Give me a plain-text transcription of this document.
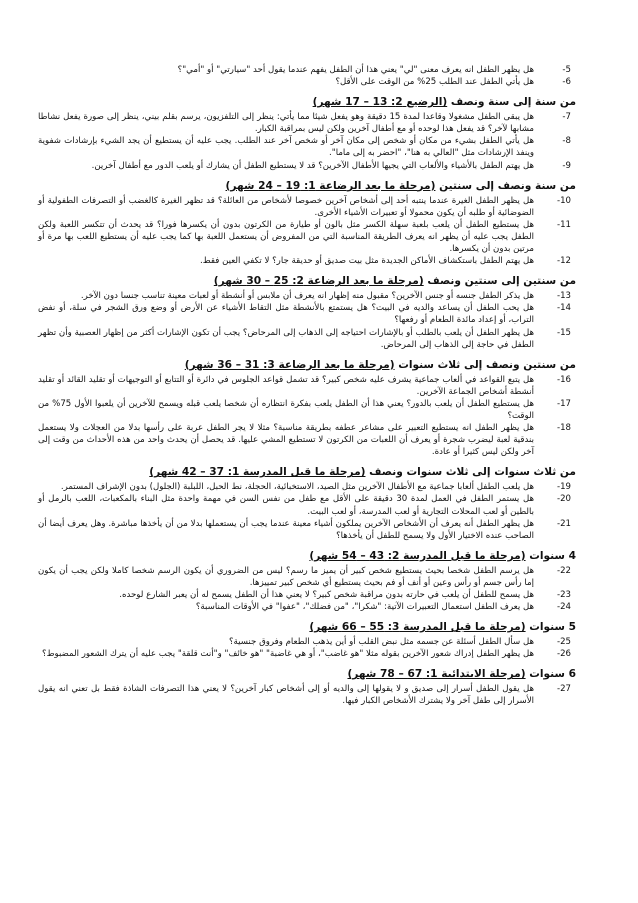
5-
هل يظهر الطفل انه يعرف معنى "لي" يعني هذا أن الطفل يفهم عندما يقول أحد "سيارتي" أو "أمي"؟
6-
هل يأتي الطفل عند الطلب 25% من الوقت على الأقل؟
من سنة إلى سنة ونصف (الرضيع 2: 13 – 17 شهر)
7-
هل يبقى الطفل مشغولا وقاعدا لمدة 15 دقيقة وهو يفعل شيئا مما يأتي: ينظر إلى التلفزيون، يرسم بقلم بيني، ينظر إلى صورة يفعل نشاطا مشابها لآخر؟ قد يفعل هذا لوحده أو مع أطفال آخرين ولكن ليس بمراقبة الكبار.
8-
هل يأتي الطفل بشيء من مكان أو شخص إلى مكان آخر أو شخص آخر عند الطلب. يجب عليه أن يستطيع أن يجد الشيء بإرشادات شفوية وينفذ الإرشادات مثل "العالي به هنا"، "احضر به إلى ماما".
9-
هل يهتم الطفل بالأشياء والألعاب التي يجيها الأطفال الآخرين؟ قد لا يستطيع الطفل أن يشارك أو يلعب الدور مع أطفال آخرين.
من سنة ونصف إلى سنتين (مرحلة ما بعد الرضاعة 1: 19 – 24 شهر)
10-
هل يظهر الطفل الغيرة عندما ينتبه أحد إلى أشخاص آخرين خصوصا لأشخاص من العائلة؟ قد تظهر الغيرة كالغضب أو التصرفات الطفولية أو الضوضائية أو طلبه أن يكون محمولا أو تعبيرات الأشياء الأخرى.
11-
هل يستطيع الطفل أن يلعب بلعبة سهلة الكسر مثل بالون أو طيارة من الكرتون بدون أن يكسرها فورا؟ قد يحدث أن تتكسر اللعبة ولكن الطفل يجب عليه أن يظهر انه يعرف الطريقة المناسبة التي من المفروض أن يستعمل اللعبة بها كما يجب عليه أن يستطيع اللعب بها مرة أو مرتين بدون أن يكسرها.
12-
هل يهتم الطفل باستكشاف الأماكن الجديدة مثل بيت صديق أو حديقة جار؟ لا تكفي العين فقط.
من سنتين إلى سنتين ونصف (مرحلة ما بعد الرضاعة 2: 25 – 30 شهر)
13-
هل يذكر الطفل جنسه أو جنس الآخرين؟ مقبول منه إظهار انه يعرف أن ملابس أو أنشطة أو لعبات معينة تناسب جنسا دون الآخر.
14-
هل يحب الطفل أن يساعد والديه في البيت؟ هل يستمتع بالأنشطة مثل التقاط الأشياء عن الأرض أو وضع ورق الشجر في سلة، أو نفض التراب، أو إعداد مائدة الطعام أو رفعها؟
15-
هل يظهر الطفل أن يلعب بالطلب أو بالإشارات احتياجه إلى الذهاب إلى المرحاض؟ يجب أن تكون الإشارات أكثر من إظهار العصبية وأن تظهر الطفل في حاجة إلى الذهاب إلى المرحاض.
من سنتين ونصف إلى ثلاث سنوات (مرحلة ما بعد الرضاعة 3: 31 – 36 شهر)
16-
هل يتبع القواعد في ألعاب جماعية يشرف عليه شخص كبير؟ قد تشمل قواعد الجلوس في دائرة أو التتابع أو التوجيهات أو تقليد القائد أو تقليد أنشطة أشخاص الجماعة الآخرين.
17-
هل يستطيع الطفل أن يلعب بالدور؟ يعني هذا أن الطفل يلعب بفكرة انتظاره أن شخصا يلعب قبله ويسمح للآخرين أن يلعبوا الأول 75% من الوقت؟
18-
هل يظهر الطفل انه يستطيع التعبير على مشاعر عطفه بطريقة مناسبة؟ مثلا لا يجر الطفل عربة على رأسها بدلا من العجلات ولا يستعمل بندقية لعبة ليضرب شجرة أو يعرف أن اللعبات من الكرتون لا تستطيع المشي عليها. قد يحصل أن يحدث واحد من هذه الأحداث من وقت إلى آخر ولكن ليس كثيرا أو عادة.
من ثلاث سنوات إلى ثلاث سنوات ونصف (مرحلة ما قبل المدرسة 1: 37 – 42 شهر)
19-
هل يلعب الطفل ألعابا جماعية مع الأطفال الآخرين مثل الصيد، الاستخبائية، الحجلة، نط الحبل، اللبلبة (الجلول) بدون الإشراف المستمر.
20-
هل يستمر الطفل في العمل لمدة 30 دقيقة على الأقل مع طفل من نفس السن في مهمة واحدة مثل البناء بالمكعبات، اللعب بالرمل أو بالطين أو لعب المحلات التجارية أو لعب المدرسة، أو لعب البيت.
21-
هل يظهر الطفل أنه يعرف أن الأشخاص الآخرين يملكون أشياء معينة عندما يجب أن يستعملها بدلا من أن يأخذها مباشرة. وهل يعرف أيضا أن الصاحب عنده الاختيار الأول ولا يسمح للطفل أن يأخذها؟
4 سنوات (مرحلة ما قبل المدرسة 2: 43 – 54 شهر)
22-
هل يرسم الطفل شخصا بحيث يستطيع شخص كبير أن يميز ما رسم؟ ليس من الضروري أن يكون الرسم شخصا كاملا ولكن يجب أن يكون إما رأس جسم أو رأس وعين أو أنف أو فم بحيث يستطيع أي شخص كبير تمييزها.
23-
هل يسمح للطفل أن يلعب في حارته بدون مراقبة شخص كبير؟ لا يعني هذا أن الطفل يسمح له أن يعبر الشارع لوحده.
24-
هل يعرف الطفل استعمال التعبيرات الآتية: "شكرا"، "من فضلك"، "عفوا" في الأوقات المناسبة؟
5 سنوات (مرحلة ما قبل المدرسة 3: 55 – 66 شهر)
25-
هل سأل الطفل أسئلة عن جسمه مثل نبض القلب أو أين يذهب الطعام وفروق جنسية؟
26-
هل يظهر الطفل إدراك شعور الآخرين بقوله مثلا "هو غاضب"، أو هي غاضبة" "هو خائف" و"أنت قلقة" يجب عليه أن يترك الشعور المضبوط؟
6 سنوات (مرحلة الابتدائية 1: 67 – 78 شهر)
27-
هل يقول الطفل أسرار إلى صديق و لا يقولها إلى والديه أو إلى أشخاص كبار آخرين؟ لا يعني هذا التصرفات الشاذة فقط بل تعني انه يقول الأسرار إلى طفل آخر ولا يشترك الأشخاص الكبار فيها.
